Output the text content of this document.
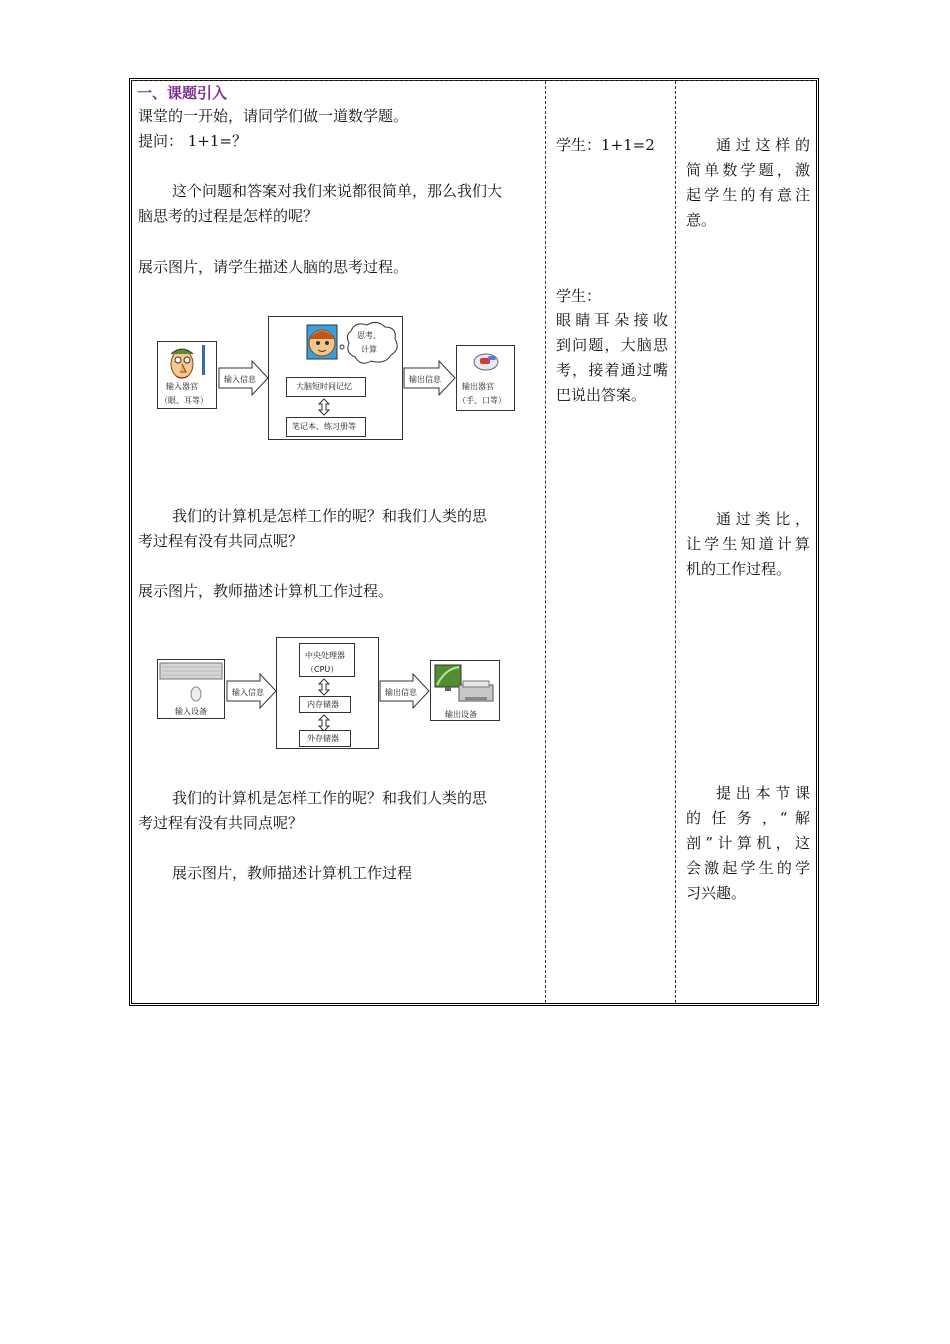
一、课题引入
课堂的一开始，请同学们做一道数学题。
提问： 1+1=？
这个问题和答案对我们来说都很简单，那么我们大
脑思考的过程是怎样的呢？
展示图片，请学生描述人脑的思考过程。
输入器官
（眼、耳等）
输入信息
思考、
计算
大脑短时间记忆
笔记本、练习册等
输出信息
输出器官
（手、口等）
我们的计算机是怎样工作的呢？和我们人类的思
考过程有没有共同点呢？
展示图片，教师描述计算机工作过程。
输入设备
输入信息
中央处理器
（CPU）
内存储器
外存储器
输出信息
输出设备
我们的计算机是怎样工作的呢？和我们人类的思
考过程有没有共同点呢？
展示图片，教师描述计算机工作过程
学生：1+1=2
学生：
眼睛耳朵接收
到问题，大脑思
考，接着通过嘴
巴说出答案。
通过这样的
简单数学题，激
起学生的有意注
意。
通过类比，
让学生知道计算
机的工作过程。
提出本节课
的 任 务 ，“ 解
剖”计算机，这
会激起学生的学
习兴趣。
